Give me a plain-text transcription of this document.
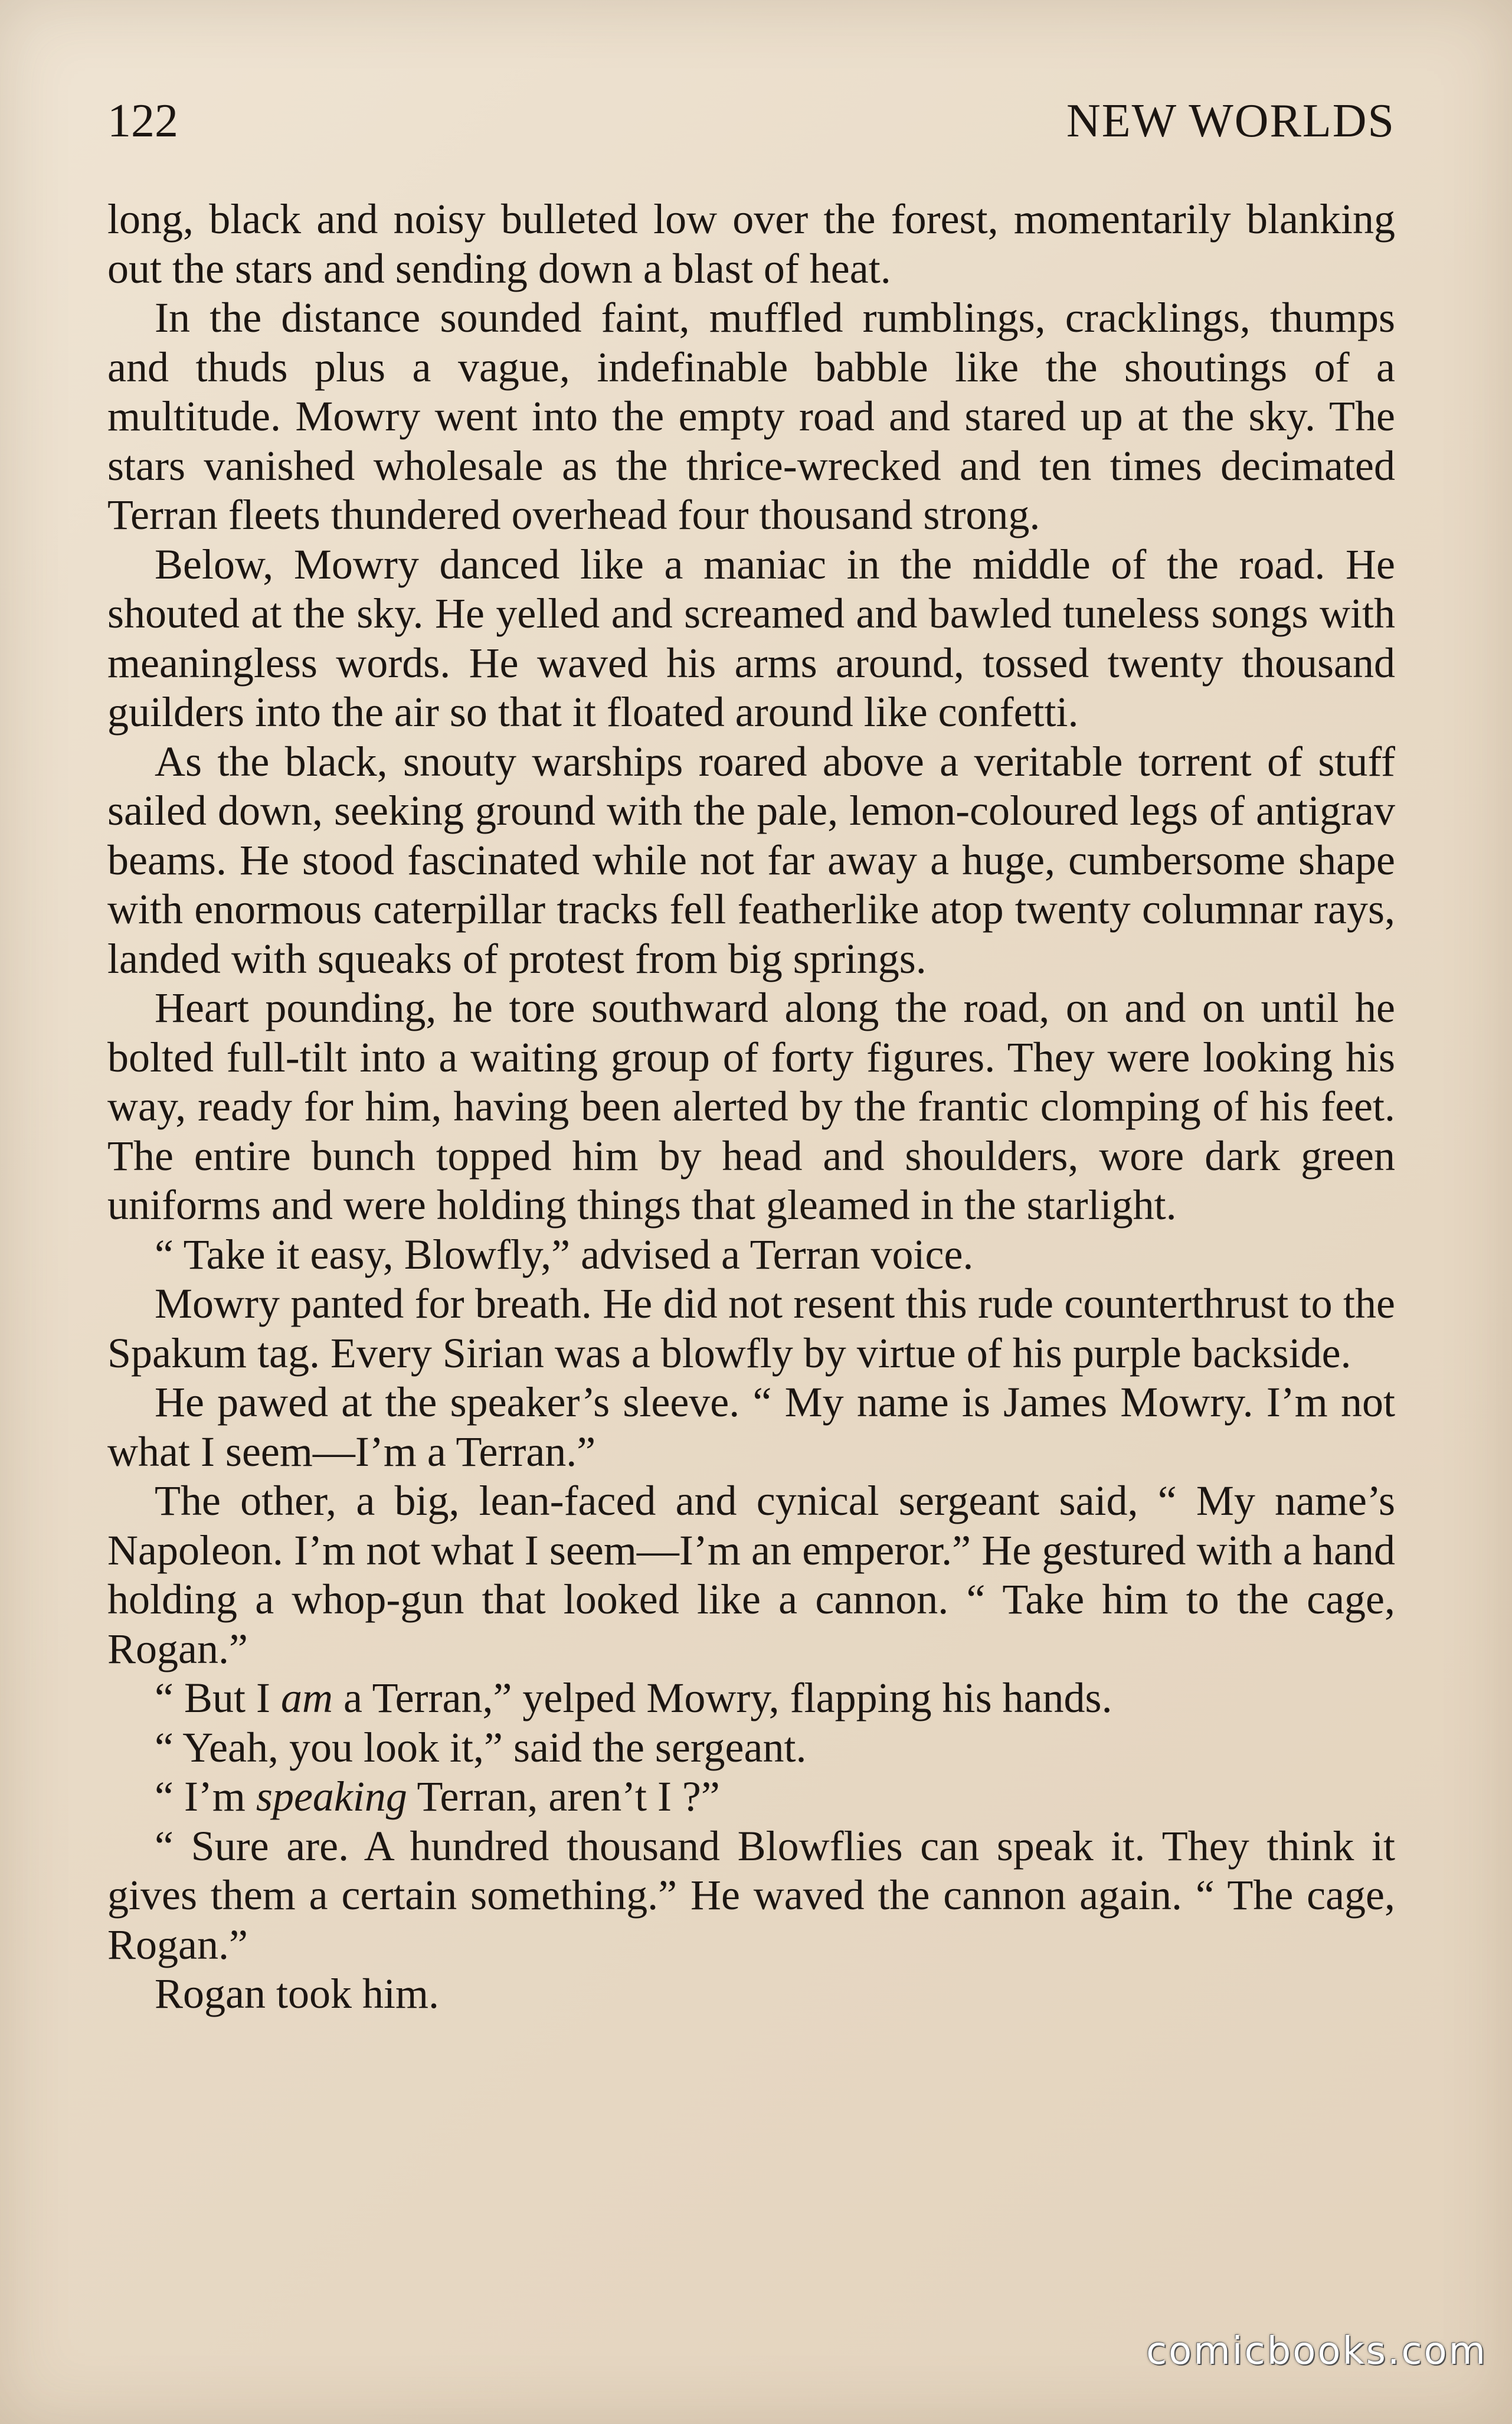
122	NEW WORLDS

long, black and noisy bulleted low over the forest, momentarily blanking out the stars and sending down a blast of heat.

In the distance sounded faint, muffled rumblings, cracklings, thumps and thuds plus a vague, indefinable babble like the shoutings of a multitude. Mowry went into the empty road and stared up at the sky. The stars vanished wholesale as the thrice-wrecked and ten times decimated Terran fleets thundered overhead four thousand strong.

Below, Mowry danced like a maniac in the middle of the road. He shouted at the sky. He yelled and screamed and bawled tuneless songs with meaningless words. He waved his arms around, tossed twenty thousand guilders into the air so that it floated around like confetti.

As the black, snouty warships roared above a veritable torrent of stuff sailed down, seeking ground with the pale, lemon-coloured legs of antigrav beams. He stood fascinated while not far away a huge, cumbersome shape with enormous caterpillar tracks fell featherlike atop twenty columnar rays, landed with squeaks of protest from big springs.

Heart pounding, he tore southward along the road, on and on until he bolted full-tilt into a waiting group of forty figures. They were looking his way, ready for him, having been alerted by the frantic clomping of his feet. The entire bunch topped him by head and shoulders, wore dark green uniforms and were holding things that gleamed in the starlight.

“ Take it easy, Blowfly,” advised a Terran voice.

Mowry panted for breath. He did not resent this rude counterthrust to the Spakum tag. Every Sirian was a blowfly by virtue of his purple backside.

He pawed at the speaker’s sleeve. “ My name is James Mowry. I’m not what I seem—I’m a Terran.”

The other, a big, lean-faced and cynical sergeant said, “ My name’s Napoleon. I’m not what I seem—I’m an emperor.” He gestured with a hand holding a whop-gun that looked like a cannon. “ Take him to the cage, Rogan.”

“ But I am a Terran,” yelped Mowry, flapping his hands.

“ Yeah, you look it,” said the sergeant.

“ I’m speaking Terran, aren’t I ?”

“ Sure are. A hundred thousand Blowflies can speak it. They think it gives them a certain something.” He waved the cannon again. “ The cage, Rogan.”

Rogan took him.

comicbooks.com
